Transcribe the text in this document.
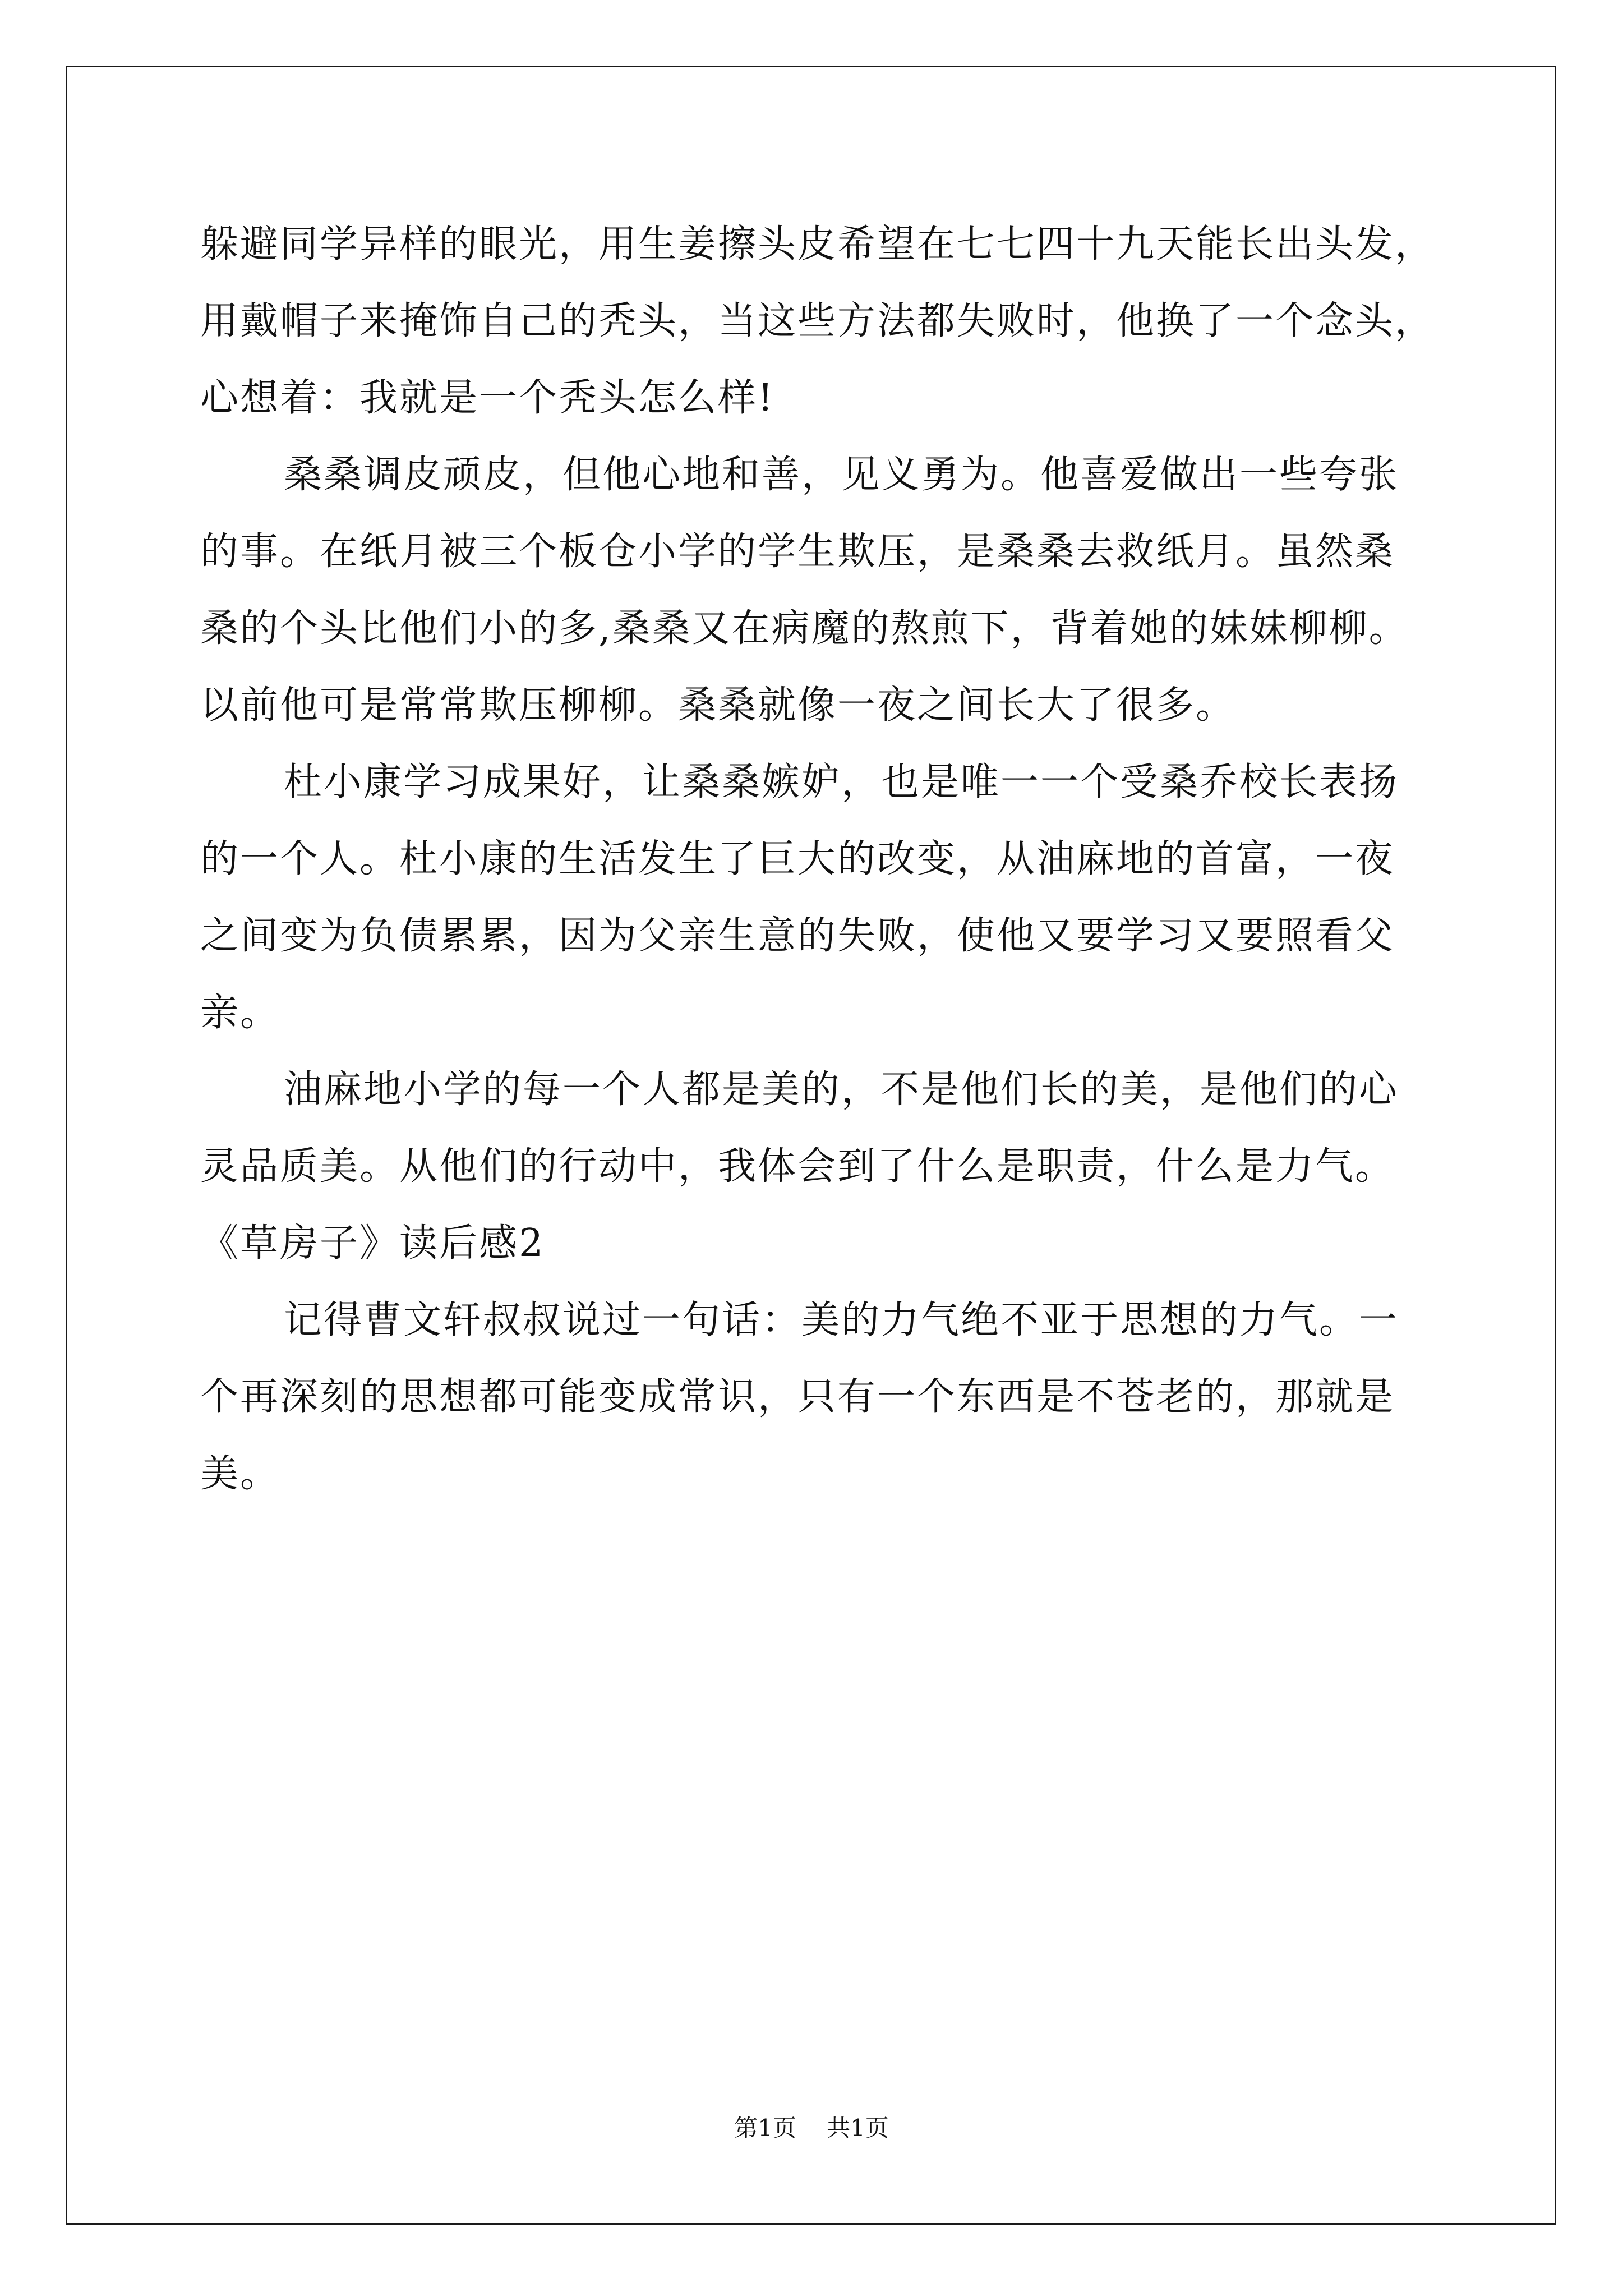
躲避同学异样的眼光，用生姜擦头皮希望在七七四十九天能长出头发，
用戴帽子来掩饰自己的秃头，当这些方法都失败时，他换了一个念头，
心想着：我就是一个秃头怎么样!
桑桑调皮顽皮，但他心地和善，见义勇为。他喜爱做出一些夸张
的事。在纸月被三个板仓小学的学生欺压，是桑桑去救纸月。虽然桑
桑的个头比他们小的多,桑桑又在病魔的熬煎下，背着她的妹妹柳柳。
以前他可是常常欺压柳柳。桑桑就像一夜之间长大了很多。
杜小康学习成果好，让桑桑嫉妒，也是唯一一个受桑乔校长表扬
的一个人。杜小康的生活发生了巨大的改变，从油麻地的首富，一夜
之间变为负债累累，因为父亲生意的失败，使他又要学习又要照看父
亲。
油麻地小学的每一个人都是美的，不是他们长的美，是他们的心
灵品质美。从他们的行动中，我体会到了什么是职责，什么是力气。
《草房子》读后感2
记得曹文轩叔叔说过一句话：美的力气绝不亚于思想的力气。一
个再深刻的思想都可能变成常识，只有一个东西是不苍老的，那就是
美。
第1页 共1页
